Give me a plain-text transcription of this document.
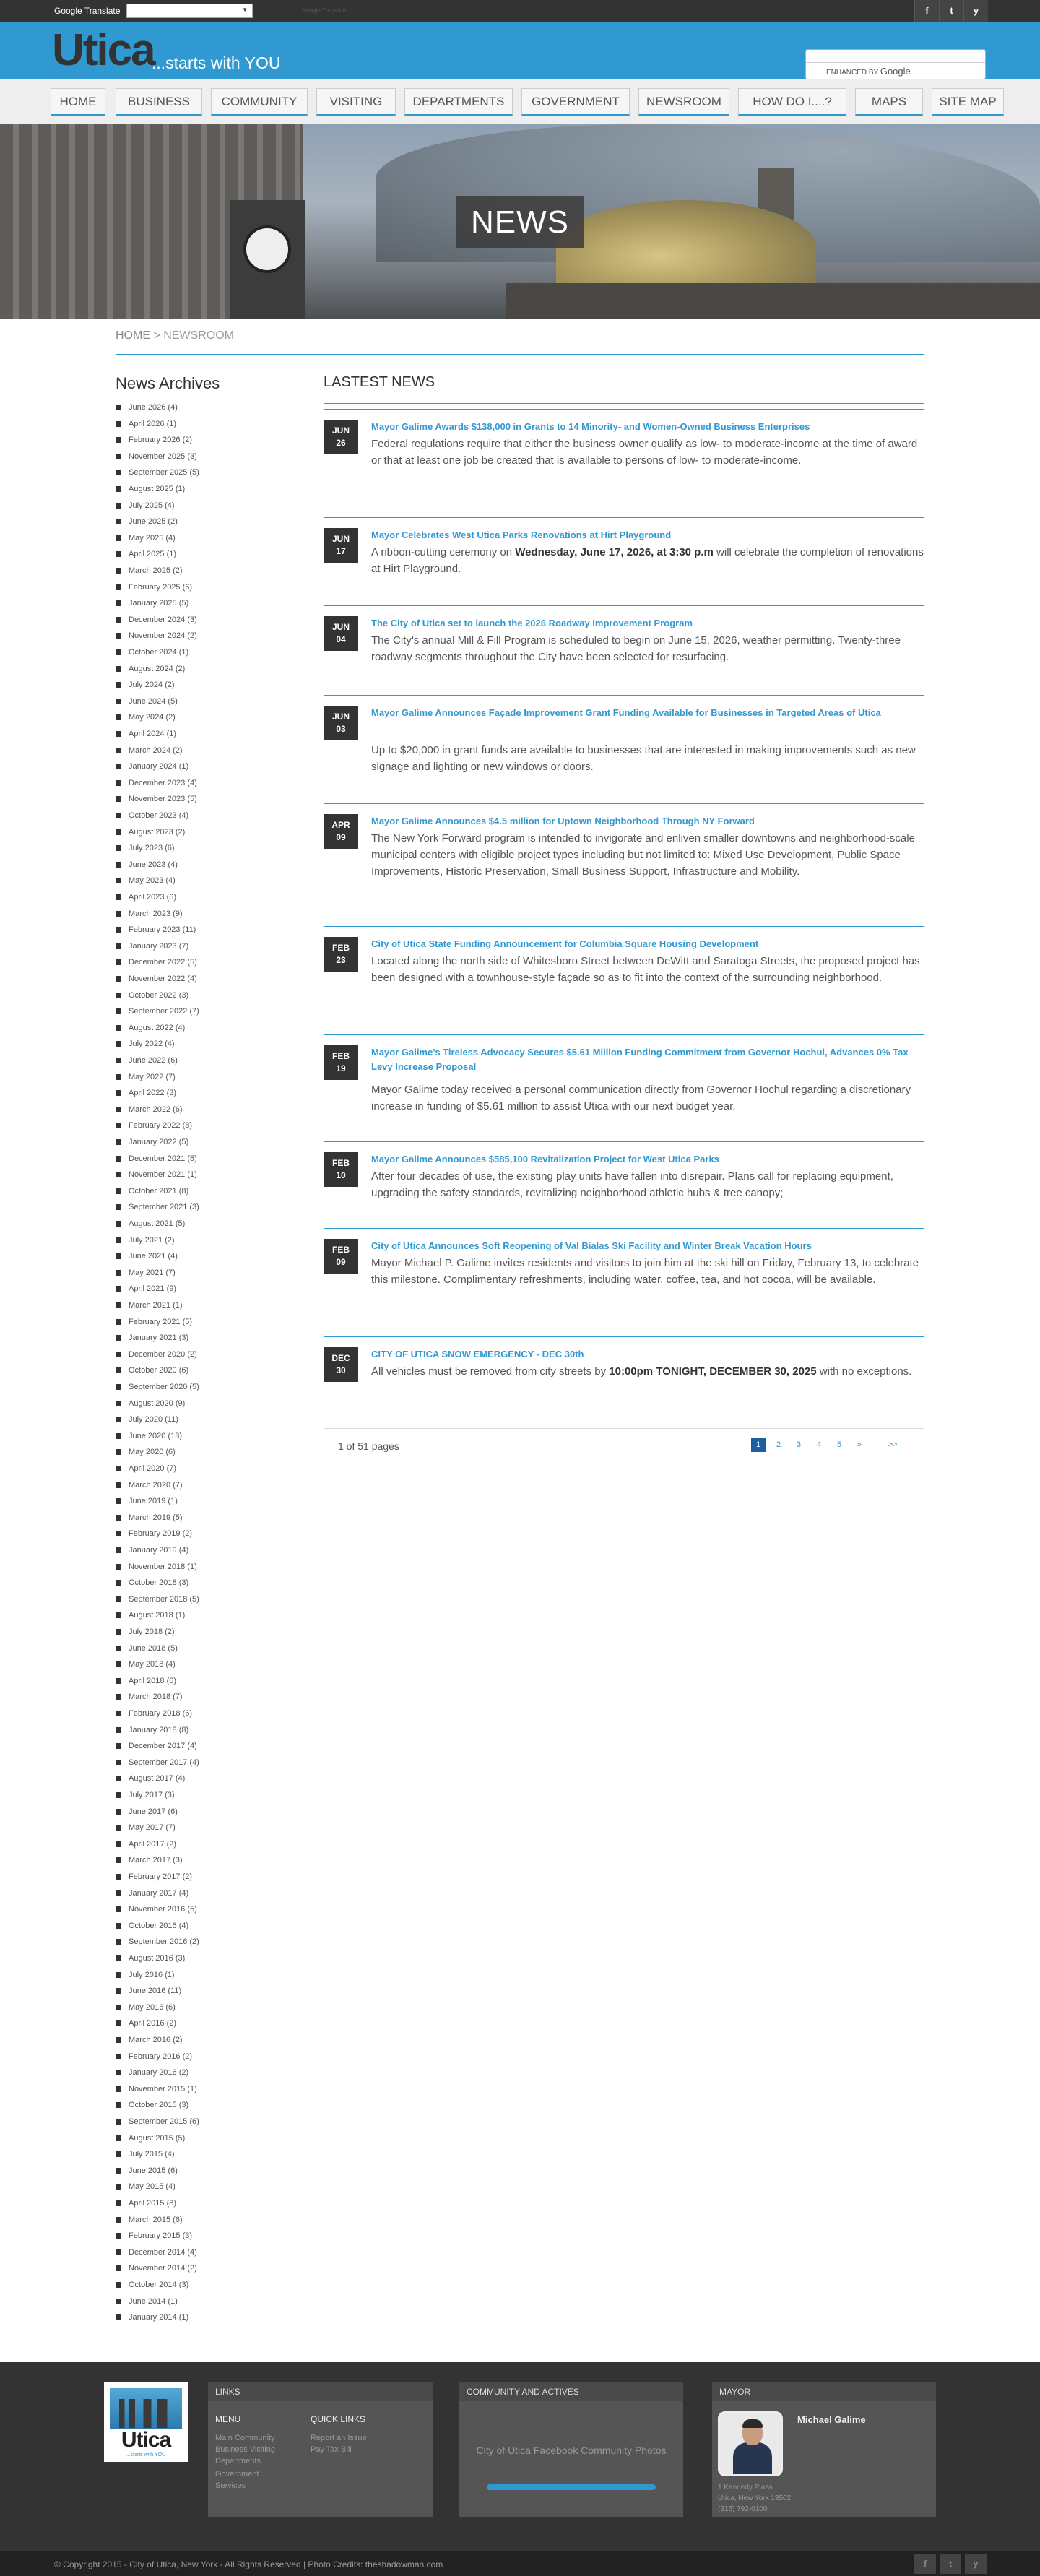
Google Translate	▼	Google Translate	f	t	y
Utica
...starts with YOU
ENHANCED BY Google
HOME	BUSINESS	COMMUNITY	VISITING	DEPARTMENTS	GOVERNMENT	NEWSROOM	HOW DO I....?	MAPS	SITE MAP
NEWS
HOME > NEWSROOM
News Archives
June 2026 (4)
April 2026 (1)
February 2026 (2)
November 2025 (3)
September 2025 (5)
August 2025 (1)
July 2025 (4)
June 2025 (2)
May 2025 (4)
April 2025 (1)
March 2025 (2)
February 2025 (6)
January 2025 (5)
December 2024 (3)
November 2024 (2)
October 2024 (1)
August 2024 (2)
July 2024 (2)
June 2024 (5)
May 2024 (2)
April 2024 (1)
March 2024 (2)
January 2024 (1)
December 2023 (4)
November 2023 (5)
October 2023 (4)
August 2023 (2)
July 2023 (6)
June 2023 (4)
May 2023 (4)
April 2023 (6)
March 2023 (9)
February 2023 (11)
January 2023 (7)
December 2022 (5)
November 2022 (4)
October 2022 (3)
September 2022 (7)
August 2022 (4)
July 2022 (4)
June 2022 (6)
May 2022 (7)
April 2022 (3)
March 2022 (6)
February 2022 (8)
January 2022 (5)
December 2021 (5)
November 2021 (1)
October 2021 (8)
September 2021 (3)
August 2021 (5)
July 2021 (2)
June 2021 (4)
May 2021 (7)
April 2021 (9)
March 2021 (1)
February 2021 (5)
January 2021 (3)
December 2020 (2)
October 2020 (6)
September 2020 (5)
August 2020 (9)
July 2020 (11)
June 2020 (13)
May 2020 (6)
April 2020 (7)
March 2020 (7)
June 2019 (1)
March 2019 (5)
February 2019 (2)
January 2019 (4)
November 2018 (1)
October 2018 (3)
September 2018 (5)
August 2018 (1)
July 2018 (2)
June 2018 (5)
May 2018 (4)
April 2018 (6)
March 2018 (7)
February 2018 (6)
January 2018 (8)
December 2017 (4)
September 2017 (4)
August 2017 (4)
July 2017 (3)
June 2017 (6)
May 2017 (7)
April 2017 (2)
March 2017 (3)
February 2017 (2)
January 2017 (4)
November 2016 (5)
October 2016 (4)
September 2016 (2)
August 2016 (3)
July 2016 (1)
June 2016 (11)
May 2016 (6)
April 2016 (2)
March 2016 (2)
February 2016 (2)
January 2016 (2)
November 2015 (1)
October 2015 (3)
September 2015 (6)
August 2015 (5)
July 2015 (4)
June 2015 (6)
May 2015 (4)
April 2015 (8)
March 2015 (6)
February 2015 (3)
December 2014 (4)
November 2014 (2)
October 2014 (3)
June 2014 (1)
January 2014 (1)
LASTEST NEWS
JUN
26
Mayor Galime Awards $138,000 in Grants to 14 Minority- and Women-Owned Business Enterprises
Federal regulations require that either the business owner qualify as low- to moderate-income at the time of award or that at least one job be created that is available to persons of low- to moderate-income.
JUN
17
Mayor Celebrates West Utica Parks Renovations at Hirt Playground
A ribbon-cutting ceremony on Wednesday, June 17, 2026, at 3:30 p.m will celebrate the completion of renovations at Hirt Playground.
JUN
04
The City of Utica set to launch the 2026 Roadway Improvement Program
The City's annual Mill & Fill Program is scheduled to begin on June 15, 2026, weather permitting. Twenty-three roadway segments throughout the City have been selected for resurfacing.
JUN
03
Mayor Galime Announces Façade Improvement Grant Funding Available for Businesses in Targeted Areas of Utica
Up to $20,000 in grant funds are available to businesses that are interested in making improvements such as new signage and lighting or new windows or doors.
APR
09
Mayor Galime Announces $4.5 million for Uptown Neighborhood Through NY Forward
The New York Forward program is intended to invigorate and enliven smaller downtowns and neighborhood-scale municipal centers with eligible project types including but not limited to: Mixed Use Development, Public Space Improvements, Historic Preservation, Small Business Support, Infrastructure and Mobility.
FEB
23
City of Utica State Funding Announcement for Columbia Square Housing Development
Located along the north side of Whitesboro Street between DeWitt and Saratoga Streets, the proposed project has been designed with a townhouse-style façade so as to fit into the context of the surrounding neighborhood.
FEB
19
Mayor Galime’s Tireless Advocacy Secures $5.61 Million Funding Commitment from Governor Hochul, Advances 0% Tax Levy Increase Proposal
Mayor Galime today received a personal communication directly from Governor Hochul regarding a discretionary increase in funding of $5.61 million to assist Utica with our next budget year.
FEB
10
Mayor Galime Announces $585,100 Revitalization Project for West Utica Parks
After four decades of use, the existing play units have fallen into disrepair. Plans call for replacing equipment, upgrading the safety standards, revitalizing neighborhood athletic hubs & tree canopy;
FEB
09
City of Utica Announces Soft Reopening of Val Bialas Ski Facility and Winter Break Vacation Hours
Mayor Michael P. Galime invites residents and visitors to join him at the ski hill on Friday, February 13, to celebrate this milestone. Complimentary refreshments, including water, coffee, tea, and hot cocoa, will be available.
DEC
30
CITY OF UTICA SNOW EMERGENCY - DEC 30th
All vehicles must be removed from city streets by 10:00pm TONIGHT, DECEMBER 30, 2025 with no exceptions.
1 of 51 pages	1	2	3	4	5	»	>>
Utica
...starts with YOU
LINKS
MENU
Main Community
Business Visiting
Departments
Government
Services
QUICK LINKS
Report an Issue
Pay Tax Bill
COMMUNITY AND ACTIVES
City of Utica Facebook Community Photos
MAYOR
Michael Galime
1 Kennedy Plaza
Utica, New York 13502
(315) 792-0100
© Copyright 2015 - City of Utica, New York - All Rights Reserved | Photo Credits: theshadowman.com	f	t	y
